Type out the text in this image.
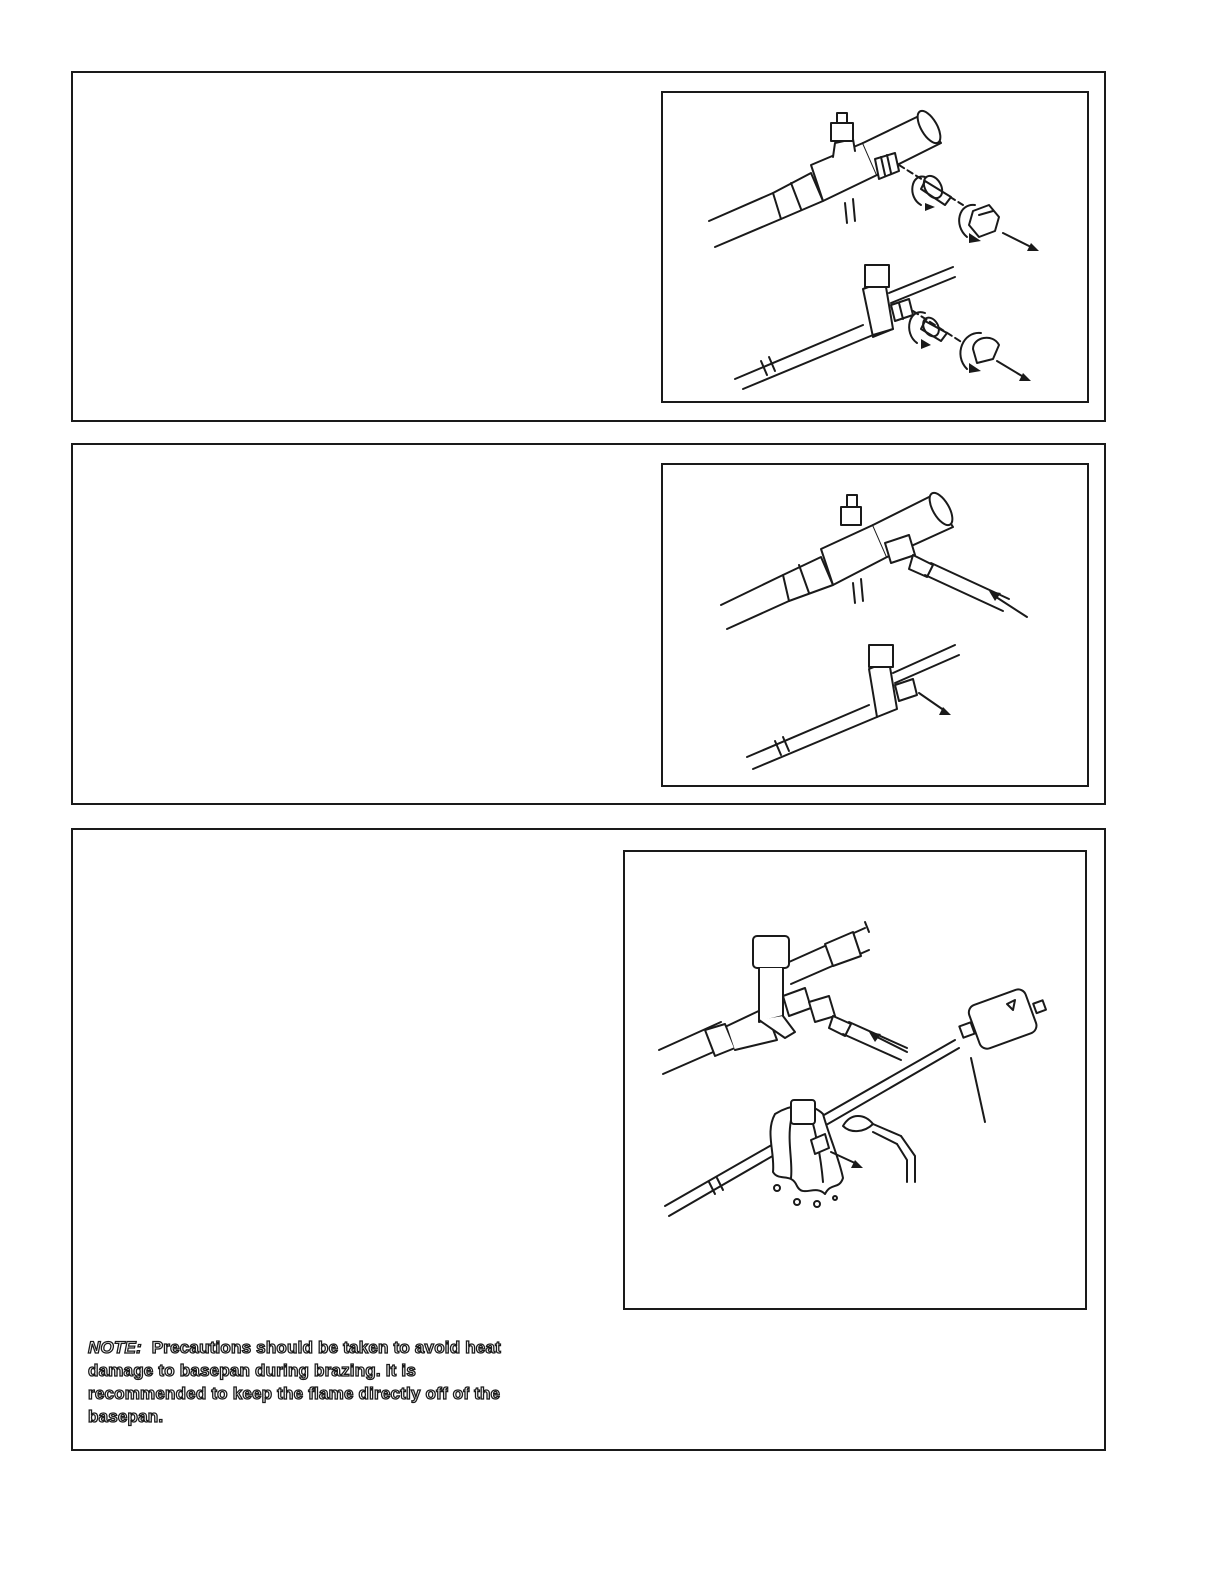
NOTE: Precautions should be taken to avoid heat damage to basepan during brazing. It is recommended to keep the flame directly off of the basepan.
